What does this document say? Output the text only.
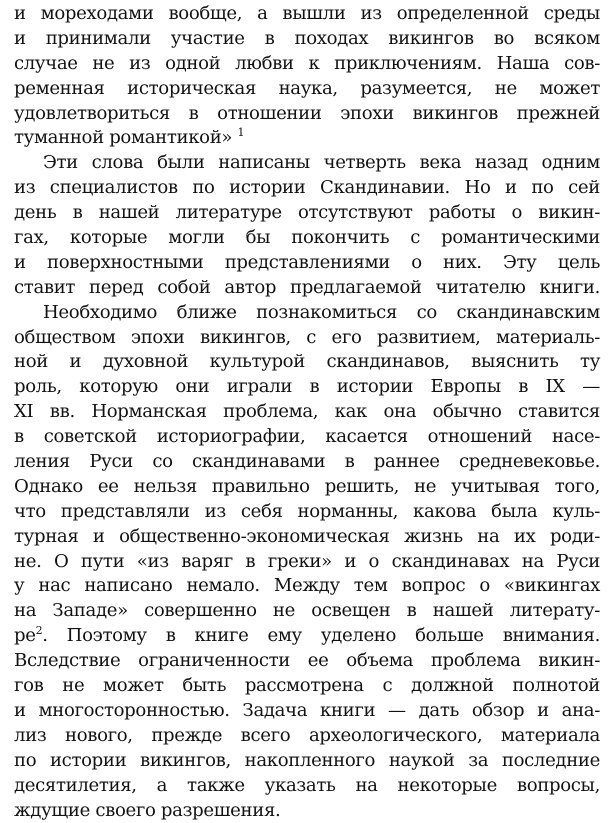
и мореходами вообще, а вышли из определенной среды
и принимали участие в походах викингов во всяком
случае не из одной любви к приключениям. Наша сов-
ременная историческая наука, разумеется, не может
удовлетвориться в отношении эпохи викингов прежней
туманной романтикой» $^1$
Эти слова были написаны четверть века назад одним
из специалистов по истории Скандинавии. Но и по сей
день в нашей литературе отсутствуют работы о викин-
гах, которые могли бы покончить с романтическими
и поверхностными представлениями о них. Эту цель
ставит перед собой автор предлагаемой читателю книги.
Необходимо ближе познакомиться со скандинавским
обществом эпохи викингов, с его развитием, материаль-
ной и духовной культурой скандинавов, выяснить ту
роль, которую они играли в истории Европы в IX —
XI вв. Норманская проблема, как она обычно ставится
в советской историографии, касается отношений насе-
ления Руси со скандинавами в раннее средневековье.
Однако ее нельзя правильно решить, не учитывая того,
что представляли из себя норманны, какова была куль-
турная и общественно-экономическая жизнь на их роди-
не. О пути «из варяг в греки» и о скандинавах на Руси
у нас написано немало. Между тем вопрос о «викингах
на Западе» совершенно не освещен в нашей литерату-
$ре^2$. Поэтому в книге ему уделено больше внимания.
Вследствие ограниченности ее объема проблема викин-
гов не может быть рассмотрена с должной полнотой
и многосторонностью. Задача книги — дать обзор и ана-
лиз нового, прежде всего археологического, материала
по истории викингов, накопленного наукой за последние
десятилетия, а также указать на некоторые вопросы,
ждущие своего разрешения.
